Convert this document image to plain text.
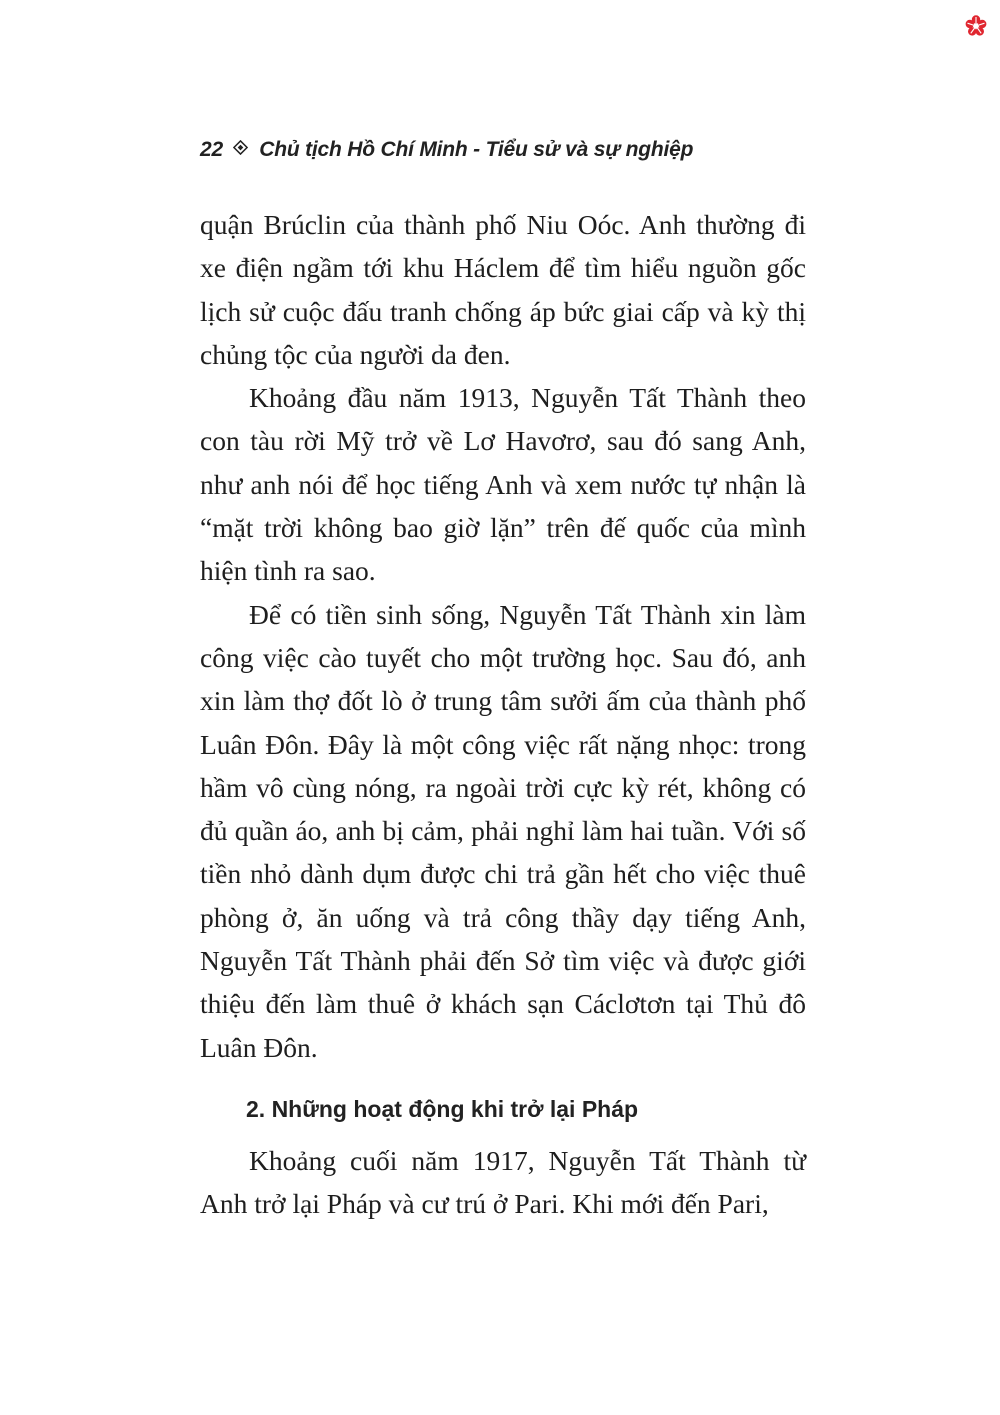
22 Chủ tịch Hồ Chí Minh - Tiểu sử và sự nghiệp

quận Brúclin của thành phố Niu Oóc. Anh thường đi xe điện ngầm tới khu Háclem để tìm hiểu nguồn gốc lịch sử cuộc đấu tranh chống áp bức giai cấp và kỳ thị chủng tộc của người da đen.

Khoảng đầu năm 1913, Nguyễn Tất Thành theo con tàu rời Mỹ trở về Lơ Havơrơ, sau đó sang Anh, như anh nói để học tiếng Anh và xem nước tự nhận là “mặt trời không bao giờ lặn” trên đế quốc của mình hiện tình ra sao.

Để có tiền sinh sống, Nguyễn Tất Thành xin làm công việc cào tuyết cho một trường học. Sau đó, anh xin làm thợ đốt lò ở trung tâm sưởi ấm của thành phố Luân Đôn. Đây là một công việc rất nặng nhọc: trong hầm vô cùng nóng, ra ngoài trời cực kỳ rét, không có đủ quần áo, anh bị cảm, phải nghỉ làm hai tuần. Với số tiền nhỏ dành dụm được chi trả gần hết cho việc thuê phòng ở, ăn uống và trả công thầy dạy tiếng Anh, Nguyễn Tất Thành phải đến Sở tìm việc và được giới thiệu đến làm thuê ở khách sạn Cáclơtơn tại Thủ đô Luân Đôn.

2. Những hoạt động khi trở lại Pháp

Khoảng cuối năm 1917, Nguyễn Tất Thành từ Anh trở lại Pháp và cư trú ở Pari. Khi mới đến Pari,
